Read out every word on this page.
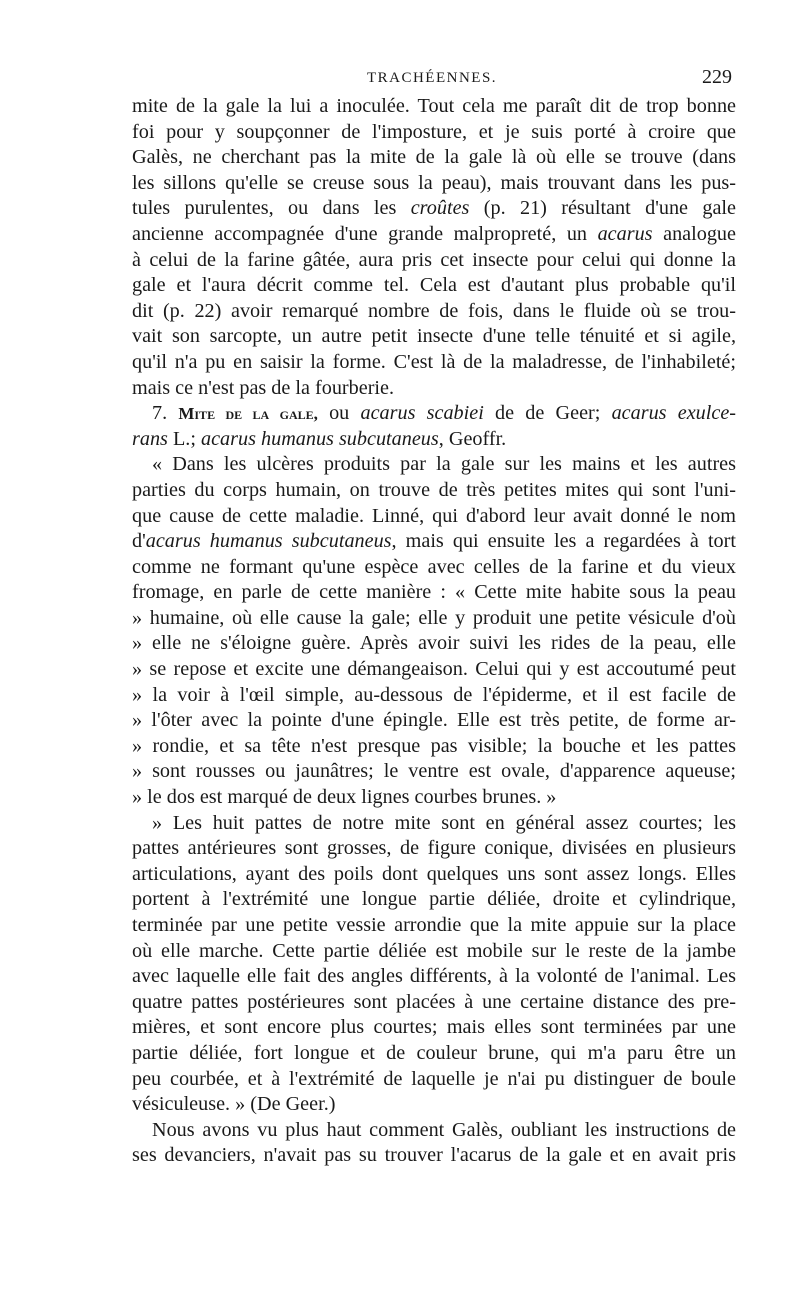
TRACHÉENNES.	229
mite de la gale la lui a inoculée. Tout cela me paraît dit de trop bonne
foi pour y soupçonner de l'imposture, et je suis porté à croire que
Galès, ne cherchant pas la mite de la gale là où elle se trouve (dans
les sillons qu'elle se creuse sous la peau), mais trouvant dans les pus-
tules purulentes, ou dans les croûtes (p. 21) résultant d'une gale
ancienne accompagnée d'une grande malpropreté, un acarus analogue
à celui de la farine gâtée, aura pris cet insecte pour celui qui donne la
gale et l'aura décrit comme tel. Cela est d'autant plus probable qu'il
dit (p. 22) avoir remarqué nombre de fois, dans le fluide où se trou-
vait son sarcopte, un autre petit insecte d'une telle ténuité et si agile,
qu'il n'a pu en saisir la forme. C'est là de la maladresse, de l'inhabileté;
mais ce n'est pas de la fourberie.
7. Mite de la gale, ou acarus scabiei de de Geer; acarus exulce-
rans L.; acarus humanus subcutaneus, Geoffr.
« Dans les ulcères produits par la gale sur les mains et les autres
parties du corps humain, on trouve de très petites mites qui sont l'uni-
que cause de cette maladie. Linné, qui d'abord leur avait donné le nom
d'acarus humanus subcutaneus, mais qui ensuite les a regardées à tort
comme ne formant qu'une espèce avec celles de la farine et du vieux
fromage, en parle de cette manière : « Cette mite habite sous la peau
» humaine, où elle cause la gale; elle y produit une petite vésicule d'où
» elle ne s'éloigne guère. Après avoir suivi les rides de la peau, elle
» se repose et excite une démangeaison. Celui qui y est accoutumé peut
» la voir à l'œil simple, au-dessous de l'épiderme, et il est facile de
» l'ôter avec la pointe d'une épingle. Elle est très petite, de forme ar-
» rondie, et sa tête n'est presque pas visible; la bouche et les pattes
» sont rousses ou jaunâtres; le ventre est ovale, d'apparence aqueuse;
» le dos est marqué de deux lignes courbes brunes. »
» Les huit pattes de notre mite sont en général assez courtes; les
pattes antérieures sont grosses, de figure conique, divisées en plusieurs
articulations, ayant des poils dont quelques uns sont assez longs. Elles
portent à l'extrémité une longue partie déliée, droite et cylindrique,
terminée par une petite vessie arrondie que la mite appuie sur la place
où elle marche. Cette partie déliée est mobile sur le reste de la jambe
avec laquelle elle fait des angles différents, à la volonté de l'animal. Les
quatre pattes postérieures sont placées à une certaine distance des pre-
mières, et sont encore plus courtes; mais elles sont terminées par une
partie déliée, fort longue et de couleur brune, qui m'a paru être un
peu courbée, et à l'extrémité de laquelle je n'ai pu distinguer de boule
vésiculeuse. » (De Geer.)
Nous avons vu plus haut comment Galès, oubliant les instructions de
ses devanciers, n'avait pas su trouver l'acarus de la gale et en avait pris
